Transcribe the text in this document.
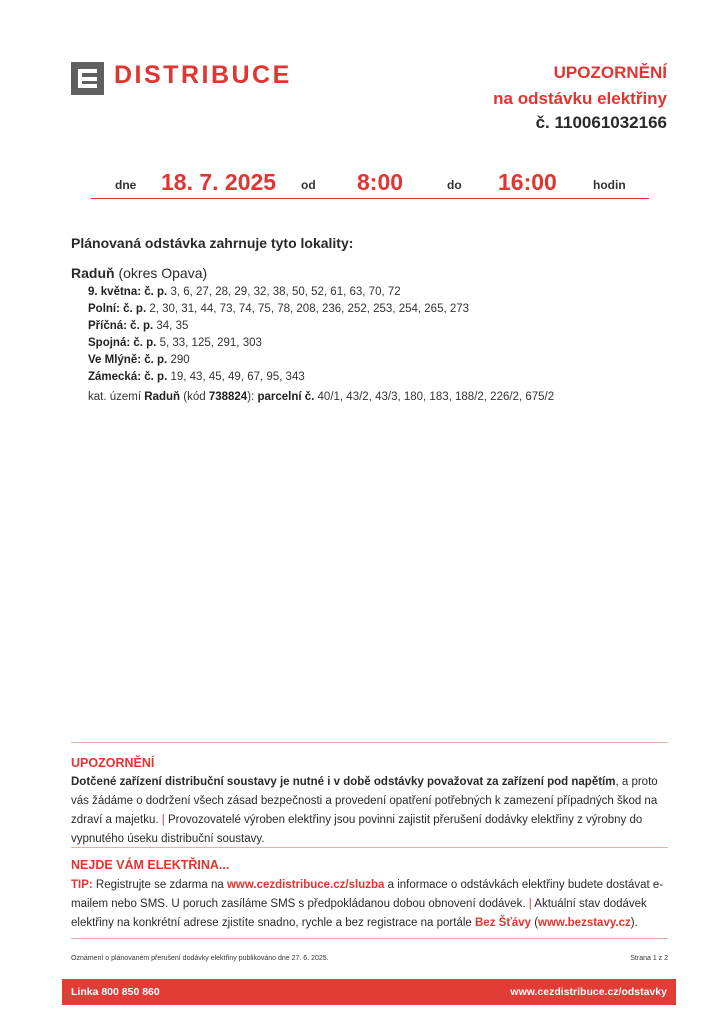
DISTRIBUCE	UPOZORNĚNÍ
na odstávku elektřiny
č. 110061032166
dne 18. 7. 2025 od 8:00	do 16:00	hodin
Plánovaná odstávka zahrnuje tyto lokality:
Raduň (okres Opava)
9. května: č. p. 3, 6, 27, 28, 29, 32, 38, 50, 52, 61, 63, 70, 72
Polní: č. p. 2, 30, 31, 44, 73, 74, 75, 78, 208, 236, 252, 253, 254, 265, 273
Příčná: č. p. 34, 35
Spojná: č. p. 5, 33, 125, 291, 303
Ve Mlýně: č. p. 290
Zámecká: č. p. 19, 43, 45, 49, 67, 95, 343
kat. území Raduň (kód 738824): parcelní č. 40/1, 43/2, 43/3, 180, 183, 188/2, 226/2, 675/2
UPOZORNĚNÍ
Dotčené zařízení distribuční soustavy je nutné i v době odstávky považovat za zařízení pod napětím, a proto vás žádáme o dodržení všech zásad bezpečnosti a provedení opatření potřebných k zamezení případných škod na zdraví a majetku. | Provozovatelé výroben elektřiny jsou povinni zajistit přerušení dodávky elektřiny z výrobny do vypnutého úseku distribuční soustavy.
NEJDE VÁM ELEKTŘINA...
TIP: Registrujte se zdarma na www.cezdistribuce.cz/sluzba a informace o odstávkách elektřiny budete dostávat e-mailem nebo SMS. U poruch zasíláme SMS s předpokládanou dobou obnovení dodávek. | Aktuální stav dodávek elektřiny na konkrétní adrese zjistíte snadno, rychle a bez registrace na portále Bez Šťávy (www.bezstavy.cz).
Oznámení o plánovaném přerušení dodávky elektřiny publikováno dne 27. 6. 2025.	Strana 1 z 2
Linka 800 850 860	www.cezdistribuce.cz/odstavky
